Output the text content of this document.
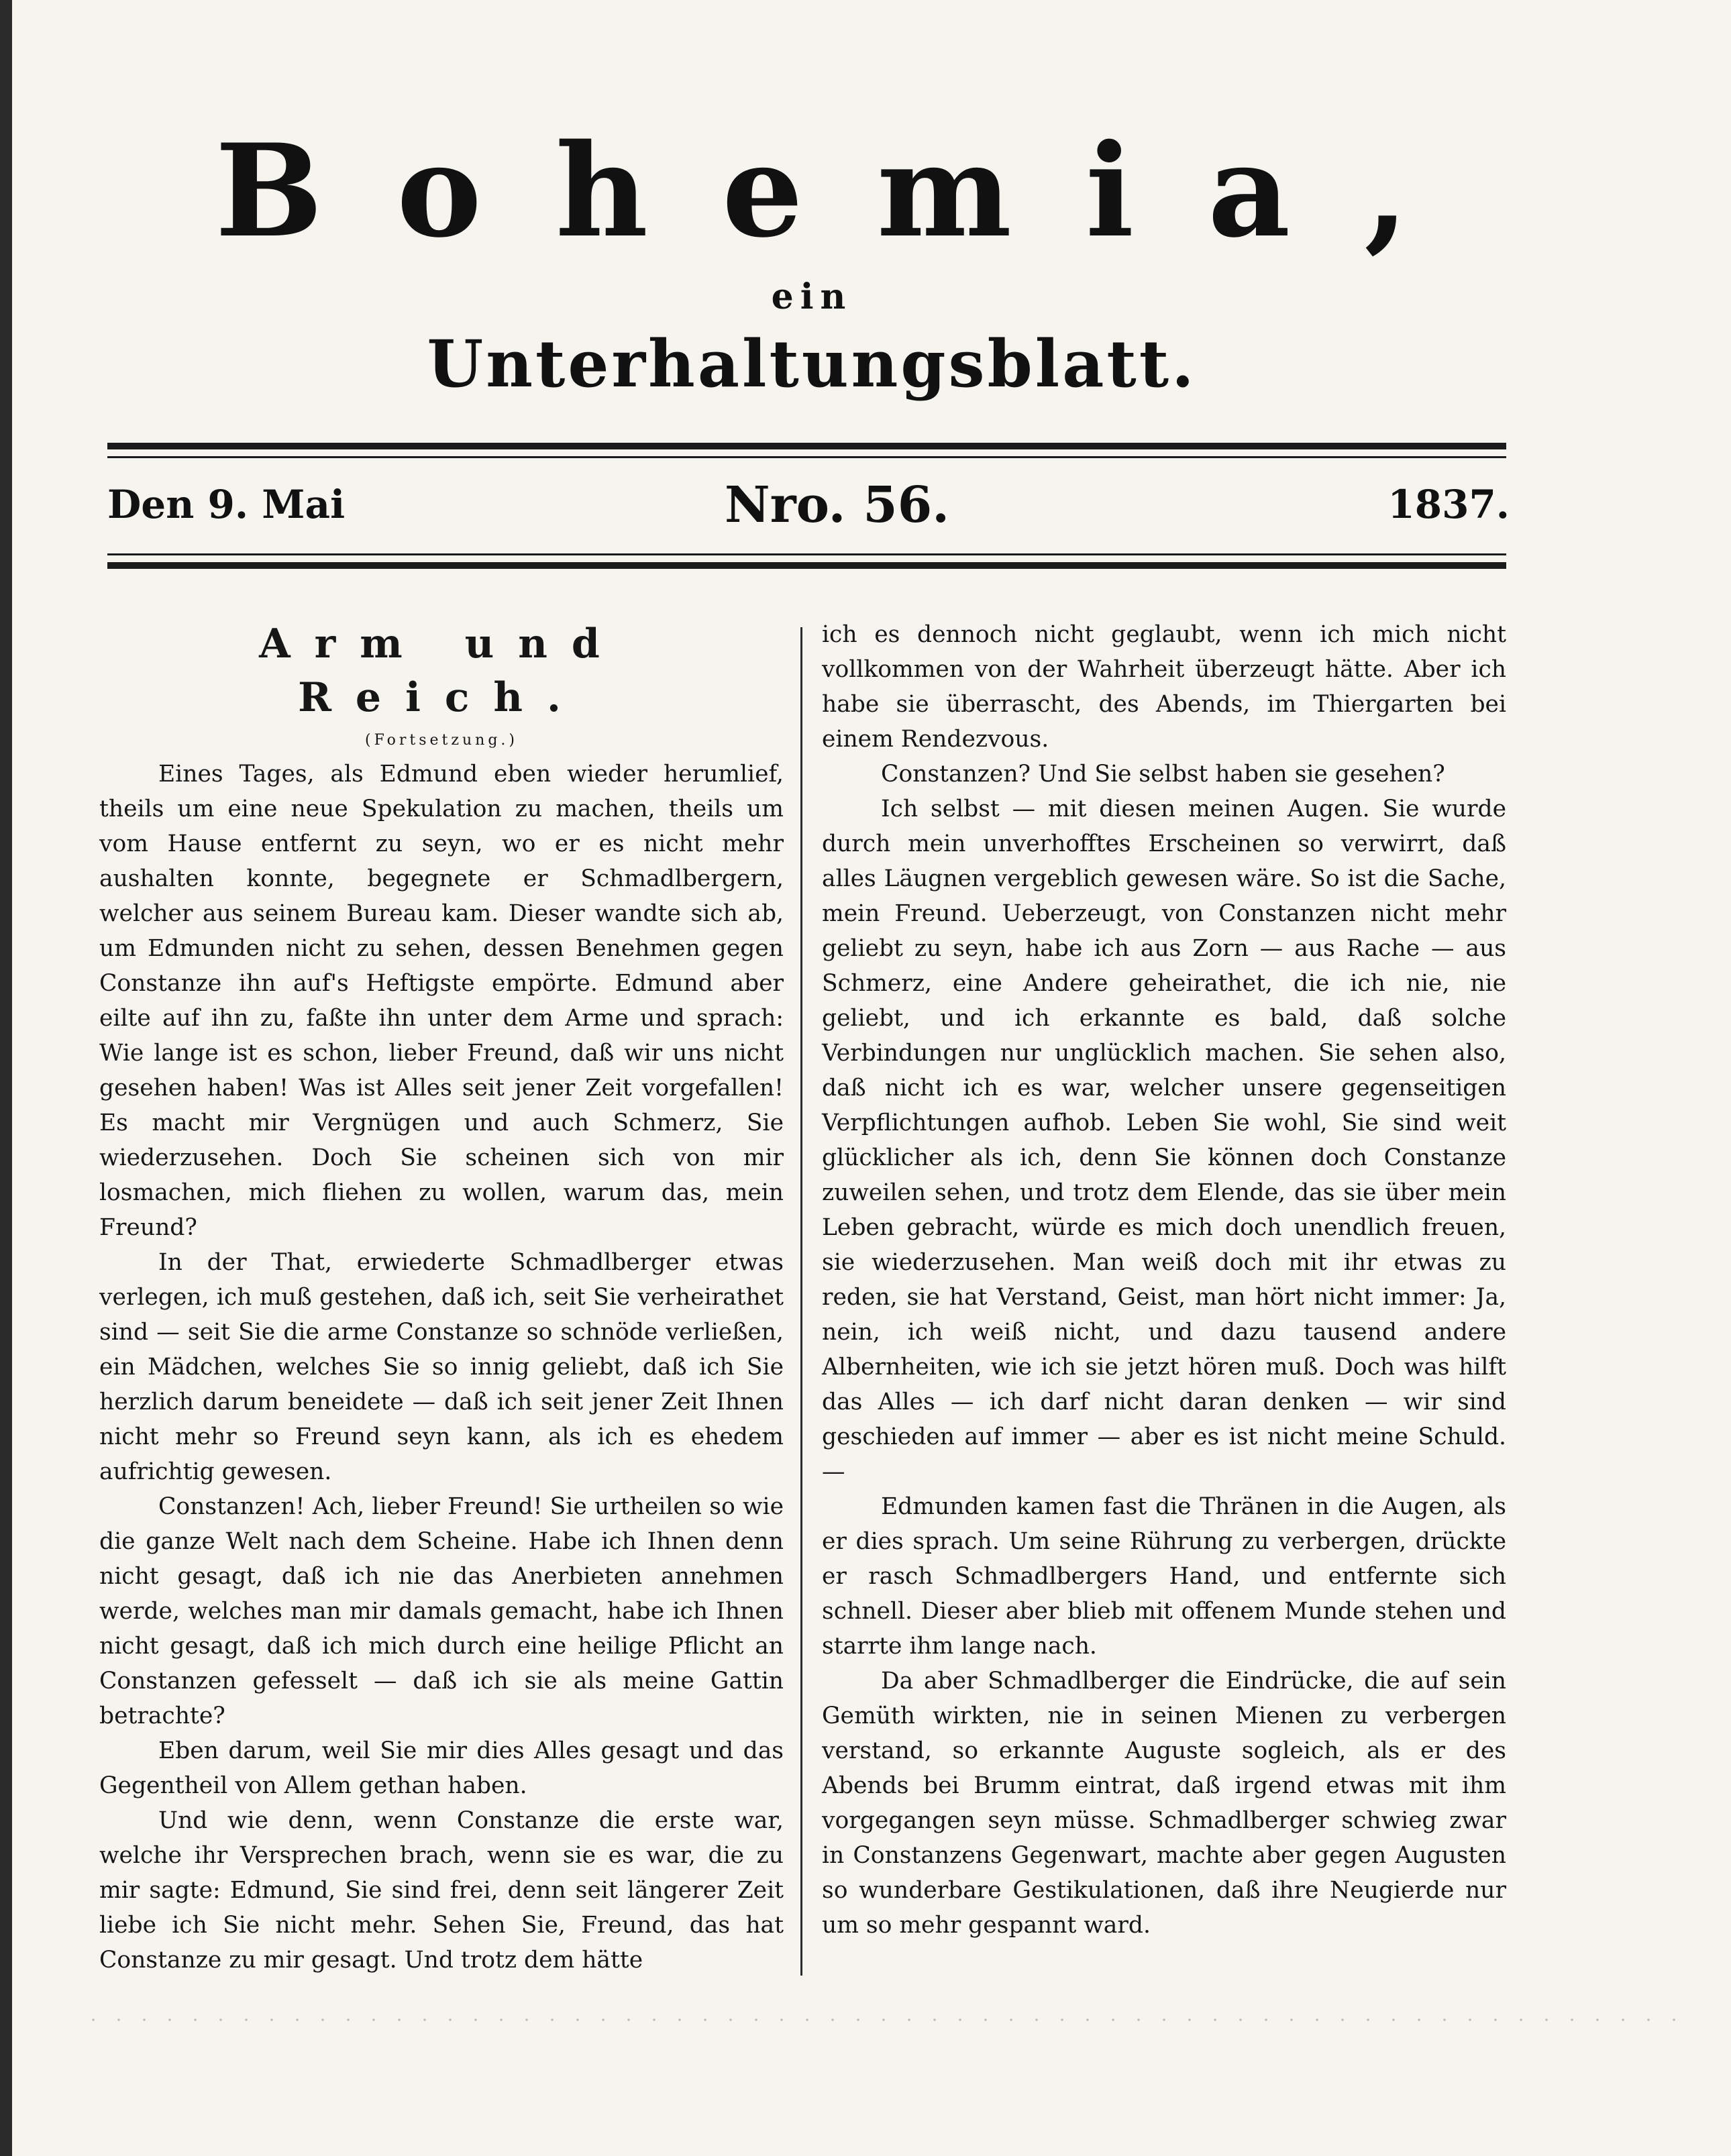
Bohemia,
ein
Unterhaltungsblatt.
Den 9. Mai	Nro. 56.	1837.
Arm und Reich.
(Fortsetzung.)

Eines Tages, als Edmund eben wieder herumlief, theils um eine neue Spekulation zu machen, theils um vom Hause entfernt zu seyn, wo er es nicht mehr aushalten konnte, begegnete er Schmadlbergern, welcher aus seinem Bureau kam. Dieser wandte sich ab, um Edmunden nicht zu sehen, dessen Benehmen gegen Constanze ihn auf's Heftigste empörte. Edmund aber eilte auf ihn zu, faßte ihn unter dem Arme und sprach: Wie lange ist es schon, lieber Freund, daß wir uns nicht gesehen haben! Was ist Alles seit jener Zeit vorgefallen! Es macht mir Vergnügen und auch Schmerz, Sie wiederzusehen. Doch Sie scheinen sich von mir losmachen, mich fliehen zu wollen, warum das, mein Freund?

In der That, erwiederte Schmadlberger etwas verlegen, ich muß gestehen, daß ich, seit Sie verheirathet sind — seit Sie die arme Constanze so schnöde verließen, ein Mädchen, welches Sie so innig geliebt, daß ich Sie herzlich darum beneidete — daß ich seit jener Zeit Ihnen nicht mehr so Freund seyn kann, als ich es ehedem aufrichtig gewesen.

Constanzen! Ach, lieber Freund! Sie urtheilen so wie die ganze Welt nach dem Scheine. Habe ich Ihnen denn nicht gesagt, daß ich nie das Anerbieten annehmen werde, welches man mir damals gemacht, habe ich Ihnen nicht gesagt, daß ich mich durch eine heilige Pflicht an Constanzen gefesselt — daß ich sie als meine Gattin betrachte?

Eben darum, weil Sie mir dies Alles gesagt und das Gegentheil von Allem gethan haben.

Und wie denn, wenn Constanze die erste war, welche ihr Versprechen brach, wenn sie es war, die zu mir sagte: Edmund, Sie sind frei, denn seit längerer Zeit liebe ich Sie nicht mehr. Sehen Sie, Freund, das hat Constanze zu mir gesagt. Und trotz dem hätte

ich es dennoch nicht geglaubt, wenn ich mich nicht vollkommen von der Wahrheit überzeugt hätte. Aber ich habe sie überrascht, des Abends, im Thiergarten bei einem Rendezvous.

Constanzen? Und Sie selbst haben sie gesehen?

Ich selbst — mit diesen meinen Augen. Sie wurde durch mein unverhofftes Erscheinen so verwirrt, daß alles Läugnen vergeblich gewesen wäre. So ist die Sache, mein Freund. Ueberzeugt, von Constanzen nicht mehr geliebt zu seyn, habe ich aus Zorn — aus Rache — aus Schmerz, eine Andere geheirathet, die ich nie, nie geliebt, und ich erkannte es bald, daß solche Verbindungen nur unglücklich machen. Sie sehen also, daß nicht ich es war, welcher unsere gegenseitigen Verpflichtungen aufhob. Leben Sie wohl, Sie sind weit glücklicher als ich, denn Sie können doch Constanze zuweilen sehen, und trotz dem Elende, das sie über mein Leben gebracht, würde es mich doch unendlich freuen, sie wiederzusehen. Man weiß doch mit ihr etwas zu reden, sie hat Verstand, Geist, man hört nicht immer: Ja, nein, ich weiß nicht, und dazu tausend andere Albernheiten, wie ich sie jetzt hören muß. Doch was hilft das Alles — ich darf nicht daran denken — wir sind geschieden auf immer — aber es ist nicht meine Schuld. —

Edmunden kamen fast die Thränen in die Augen, als er dies sprach. Um seine Rührung zu verbergen, drückte er rasch Schmadlbergers Hand, und entfernte sich schnell. Dieser aber blieb mit offenem Munde stehen und starrte ihm lange nach.

Da aber Schmadlberger die Eindrücke, die auf sein Gemüth wirkten, nie in seinen Mienen zu verbergen verstand, so erkannte Auguste sogleich, als er des Abends bei Brumm eintrat, daß irgend etwas mit ihm vorgegangen seyn müsse. Schmadlberger schwieg zwar in Constanzens Gegenwart, machte aber gegen Augusten so wunderbare Gestikulationen, daß ihre Neugierde nur um so mehr gespannt ward.
